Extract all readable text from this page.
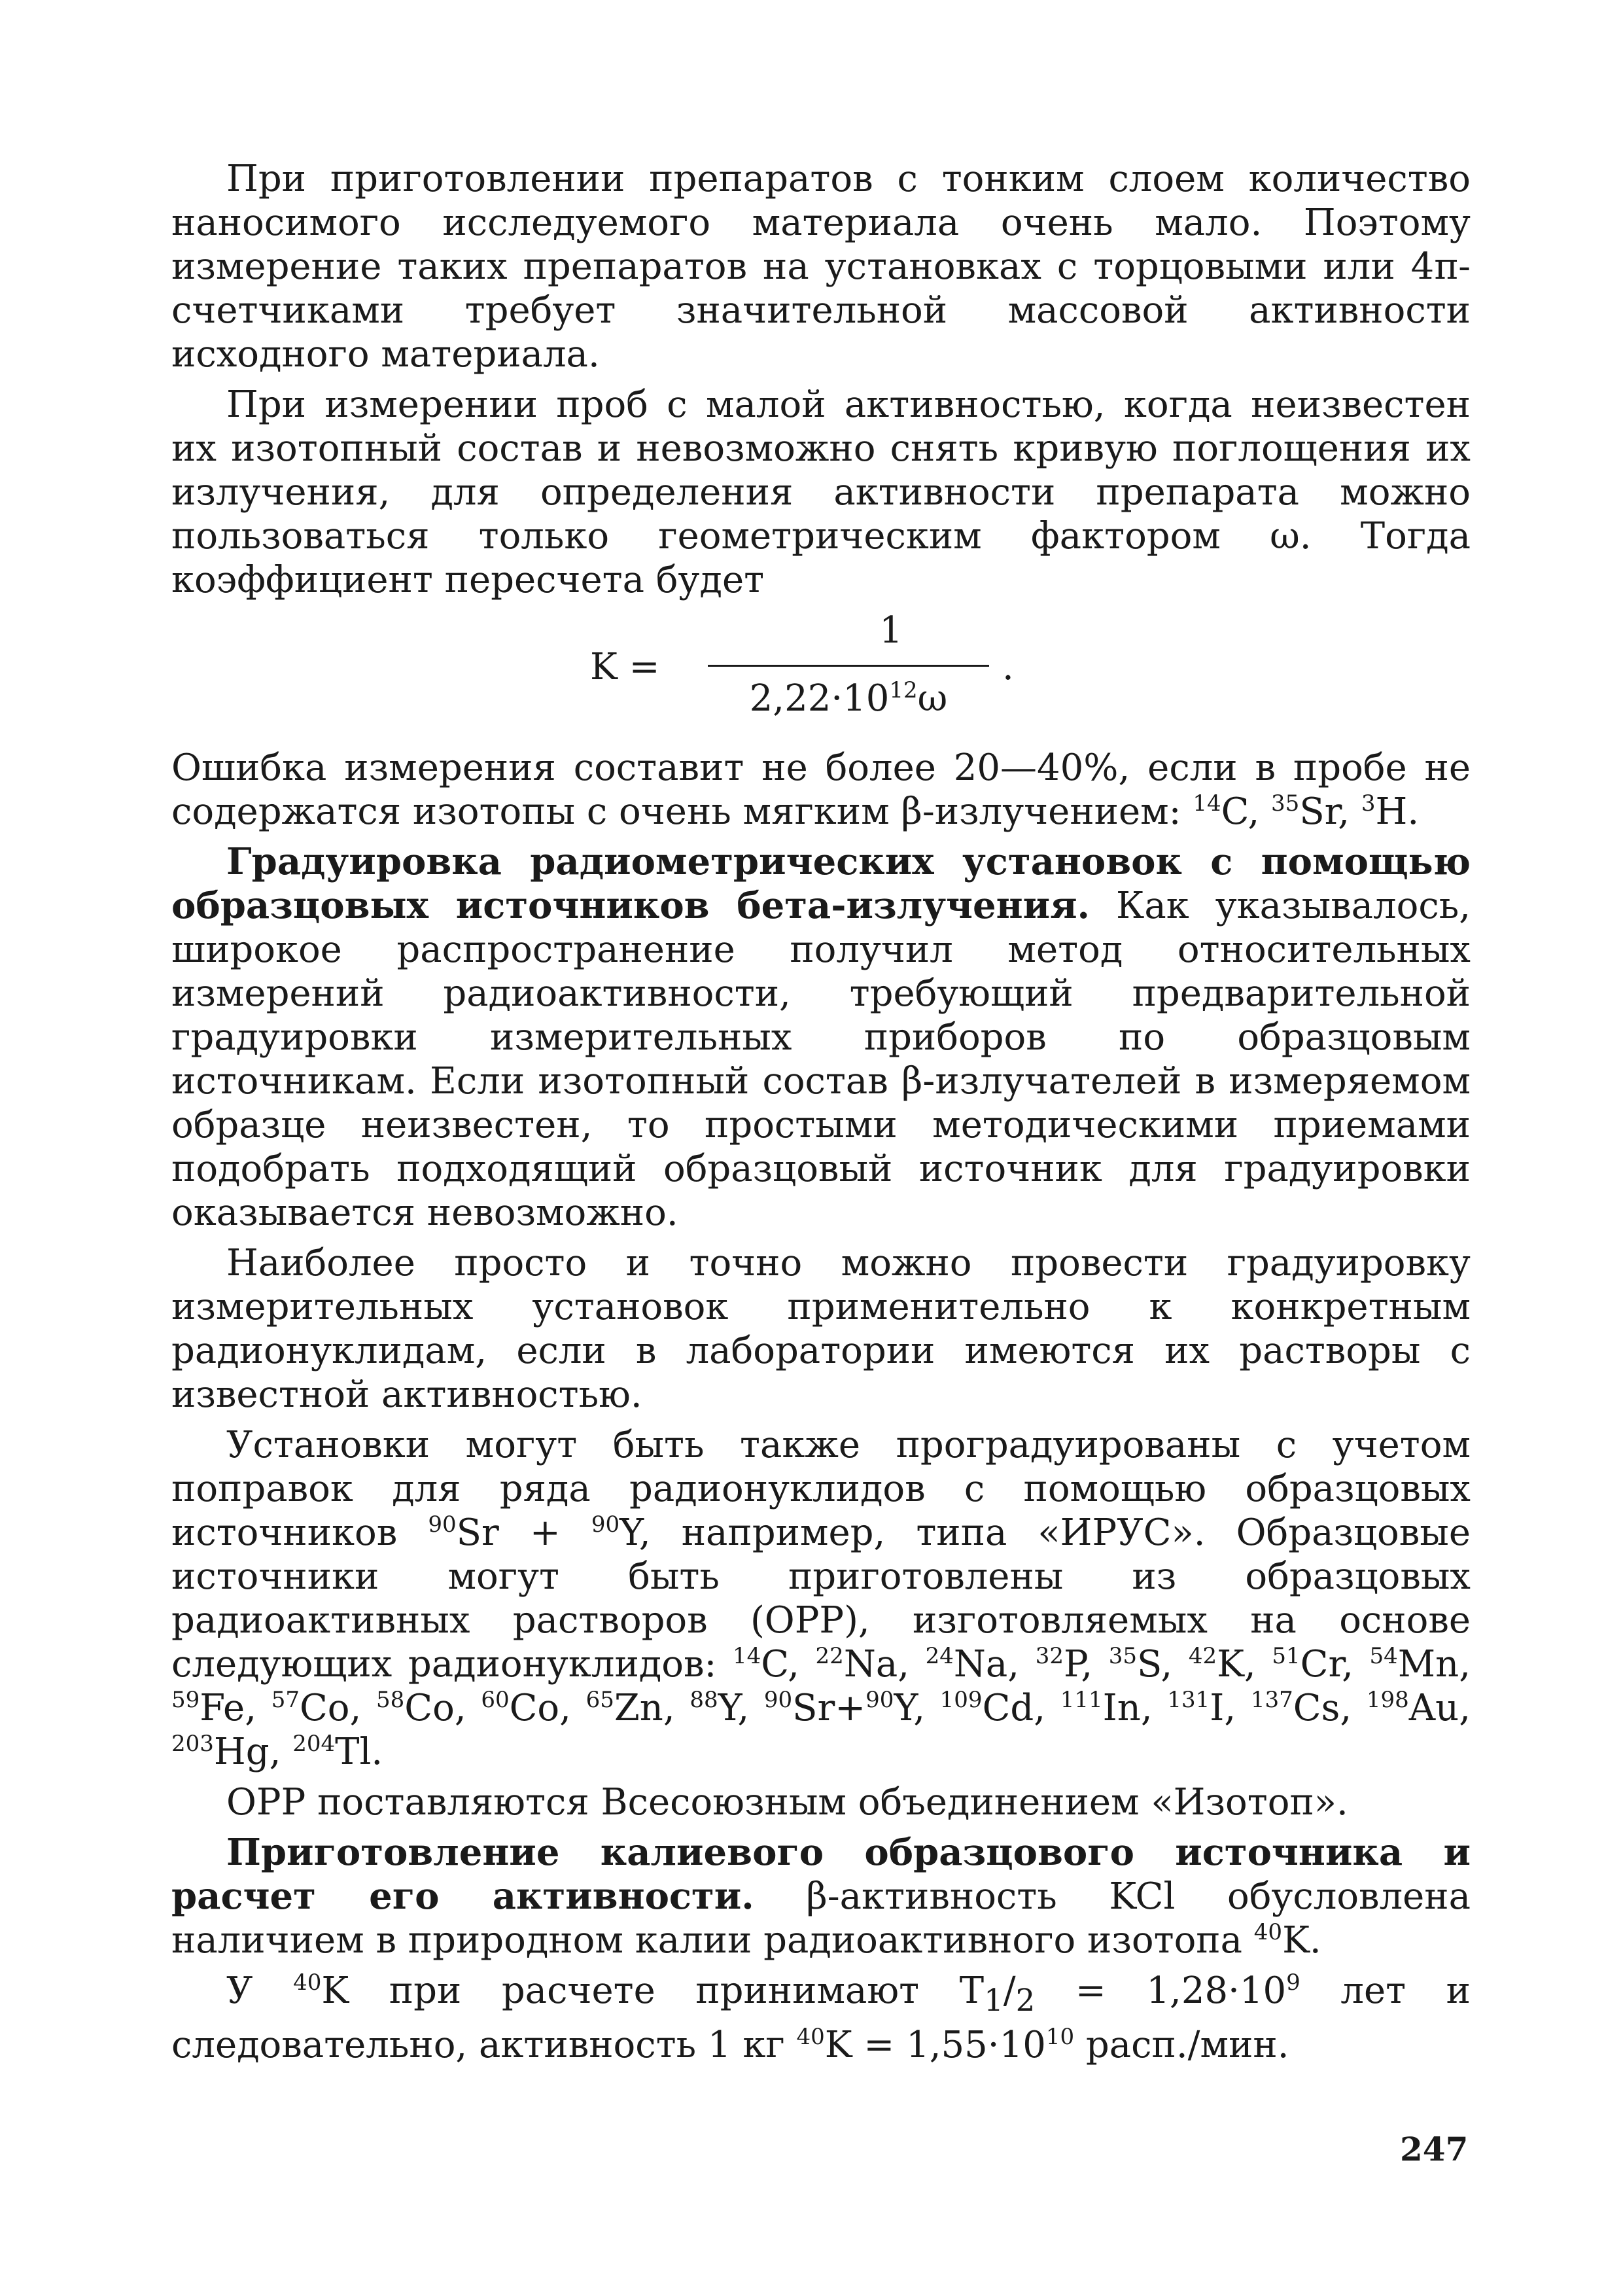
При приготовлении препаратов с тонким слоем количество наносимого исследуемого материала очень мало. Поэтому измерение таких препаратов на установках с торцовыми или 4π-счетчиками требует значительной массовой активности исходного материала.

При измерении проб с малой активностью, когда неизвестен их изотопный состав и невозможно снять кривую поглощения их излучения, для определения активности препарата можно пользоваться только геометрическим фактором ω. Тогда коэффициент пересчета будет

K =
1
$2,22\cdot 10^{12}\omega$
.

Ошибка измерения составит не более 20—40%, если в пробе не содержатся изотопы с очень мягким β-излучением: $^{14}$C, $^{35}$Sr, $^3$H.

Градуировка радиометрических установок с помощью образцовых источников бета-излучения. Как указывалось, широкое распространение получил метод относительных измерений радиоактивности, требующий предварительной градуировки измерительных приборов по образцовым источникам. Если изотопный состав β-излучателей в измеряемом образце неизвестен, то простыми методическими приемами подобрать подходящий образцовый источник для градуировки оказывается невозможно.

Наиболее просто и точно можно провести градуировку измерительных установок применительно к конкретным радионуклидам, если в лаборатории имеются их растворы с известной активностью.

Установки могут быть также проградуированы с учетом поправок для ряда радионуклидов с помощью образцовых источников $^{90}$Sr + $^{90}$Y, например, типа «ИРУС». Образцовые источники могут быть приготовлены из образцовых радиоактивных растворов (ОРР), изготовляемых на основе следующих радионуклидов: $^{14}$C, $^{22}$Na, $^{24}$Na, $^{32}$P, $^{35}$S, $^{42}$K, $^{51}$Cr, $^{54}$Mn, $^{59}$Fe, $^{57}$Co, $^{58}$Co, $^{60}$Co, $^{65}$Zn, $^{88}$Y, $^{90}$Sr+$^{90}$Y, $^{109}$Cd, $^{111}$In, $^{131}$I, $^{137}$Cs, $^{198}$Au, $^{203}$Hg, $^{204}$Tl.

ОРР поставляются Всесоюзным объединением «Изотоп».

Приготовление калиевого образцового источника и расчет его активности. β-активность KCl обусловлена наличием в природном калии радиоактивного изотопа $^{40}$K.

У $^{40}$K при расчете принимают $T_1/_2 = 1,28\cdot 10^9$ лет и следовательно, активность 1 кг $^{40}K = 1,55\cdot 10^{10}$ расп./мин.

247
